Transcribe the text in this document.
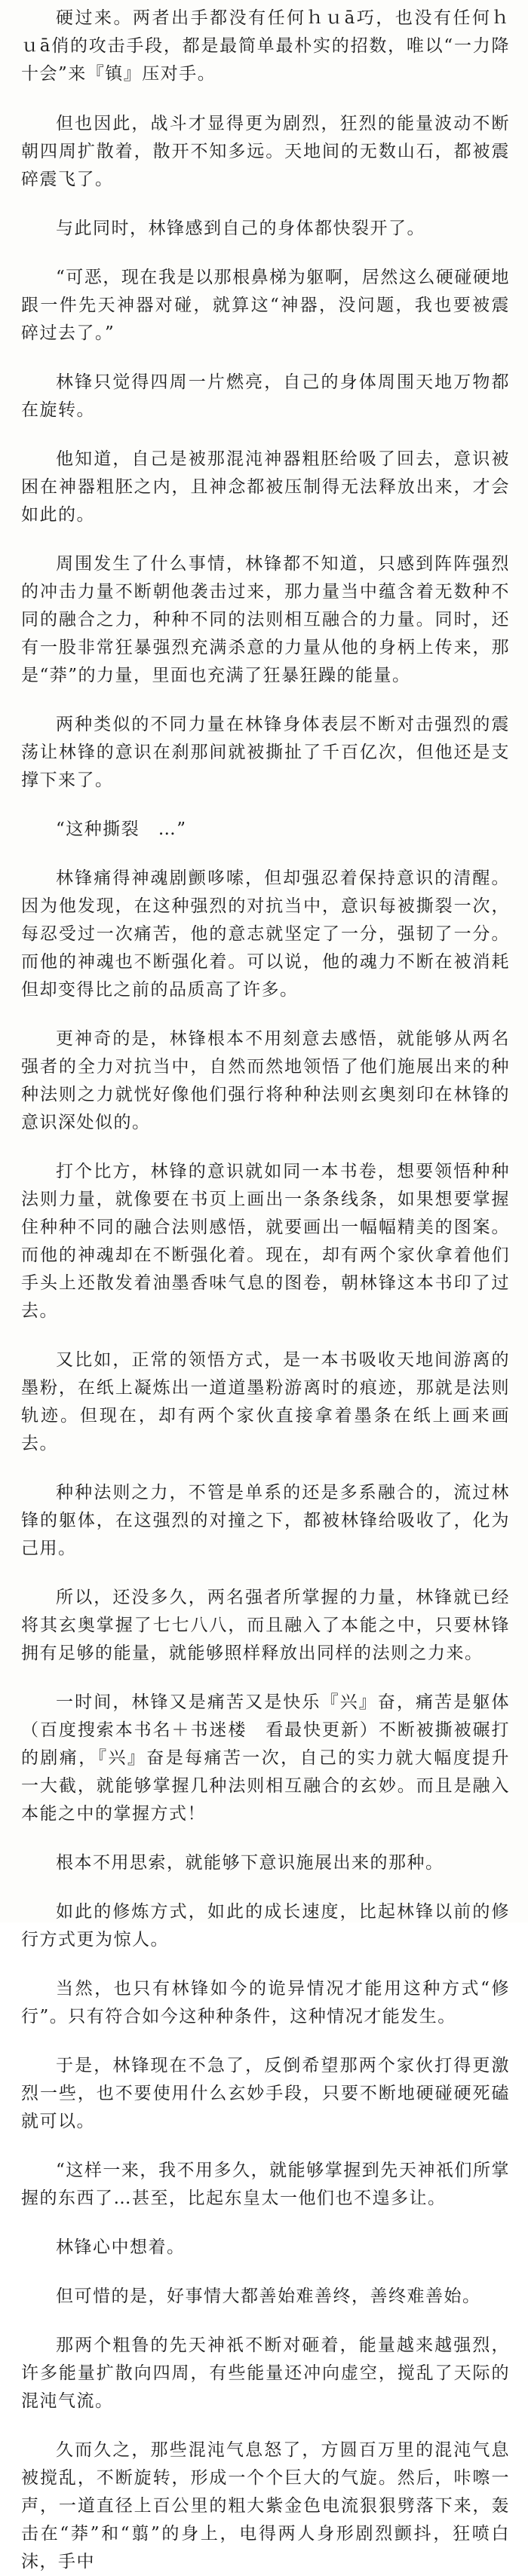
硬过来。两者出手都没有任何ｈｕā巧，也没有任何ｈｕā俏的攻击手段，都是最简单最朴实的招数，唯以“一力降十会”来『镇』压对手。

但也因此，战斗才显得更为剧烈，狂烈的能量波动不断朝四周扩散着，散开不知多远。天地间的无数山石，都被震碎震飞了。

与此同时，林锋感到自己的身体都快裂开了。

“可恶，现在我是以那根鼻梯为躯啊，居然这么硬碰硬地跟一件先天神器对碰，就算这“神器，没问题，我也要被震碎过去了。”

林锋只觉得四周一片燃亮，自己的身体周围天地万物都在旋转。

他知道，自己是被那混沌神器粗胚给吸了回去，意识被困在神器粗胚之内，且神念都被压制得无法释放出来，才会如此的。

周围发生了什么事情，林锋都不知道，只感到阵阵强烈的冲击力量不断朝他袭击过来，那力量当中蕴含着无数种不同的融合之力，种种不同的法则相互融合的力量。同时，还有一股非常狂暴强烈充满杀意的力量从他的身柄上传来，那是“莽”的力量，里面也充满了狂暴狂躁的能量。

两种类似的不同力量在林锋身体表层不断对击强烈的震荡让林锋的意识在刹那间就被撕扯了千百亿次，但他还是支撑下来了。

“这种撕裂　…”

林锋痛得神魂剧颤哆嗦，但却强忍着保持意识的清醒。因为他发现，在这种强烈的对抗当中，意识每被撕裂一次，每忍受过一次痛苦，他的意志就坚定了一分，强韧了一分。而他的神魂也不断强化着。可以说，他的魂力不断在被消耗但却变得比之前的品质高了许多。

更神奇的是，林锋根本不用刻意去感悟，就能够从两名强者的全力对抗当中，自然而然地领悟了他们施展出来的种种法则之力就恍好像他们强行将种种法则玄奥刻印在林锋的意识深处似的。

打个比方，林锋的意识就如同一本书卷，想要领悟种种法则力量，就像要在书页上画出一条条线条，如果想要掌握住种种不同的融合法则感悟，就要画出一幅幅精美的图案。而他的神魂却在不断强化着。现在，却有两个家伙拿着他们手头上还散发着油墨香味气息的图卷，朝林锋这本书印了过去。

又比如，正常的领悟方式，是一本书吸收天地间游离的墨粉，在纸上凝炼出一道道墨粉游离时的痕迹，那就是法则轨迹。但现在，却有两个家伙直接拿着墨条在纸上画来画去。

种种法则之力，不管是单系的还是多系融合的，流过林锋的躯体，在这强烈的对撞之下，都被林锋给吸收了，化为己用。

所以，还没多久，两名强者所掌握的力量，林锋就已经将其玄奥掌握了七七八八，而且融入了本能之中，只要林锋拥有足够的能量，就能够照样释放出同样的法则之力来。

一时间，林锋又是痛苦又是快乐『兴』奋，痛苦是躯体（百度搜索本书名＋书迷楼　看最快更新）不断被撕被碾打的剧痛，『兴』奋是每痛苦一次，自己的实力就大幅度提升一大截，就能够掌握几种法则相互融合的玄妙。而且是融入本能之中的掌握方式！

根本不用思索，就能够下意识施展出来的那种。

如此的修炼方式，如此的成长速度，比起林锋以前的修行方式更为惊人。

当然，也只有林锋如今的诡异情况才能用这种方式“修行”。只有符合如今这种种条件，这种情况才能发生。

于是，林锋现在不急了，反倒希望那两个家伙打得更激烈一些，也不要使用什么玄妙手段，只要不断地硬碰硬死磕就可以。

“这样一来，我不用多久，就能够掌握到先天神祇们所掌握的东西了…甚至，比起东皇太一他们也不遑多让。

林锋心中想着。

但可惜的是，好事情大都善始难善终，善终难善始。

那两个粗鲁的先天神祇不断对砸着，能量越来越强烈，许多能量扩散向四周，有些能量还冲向虚空，搅乱了天际的混沌气流。

久而久之，那些混沌气息怒了，方圆百万里的混沌气息被搅乱，不断旋转，形成一个个巨大的气旋。然后，咔嚓一声，一道直径上百公里的粗大紫金色电流狠狠劈落下来，轰击在“莽”和“翦”的身上，电得两人身形剧烈颤抖，狂喷白沫，手中
